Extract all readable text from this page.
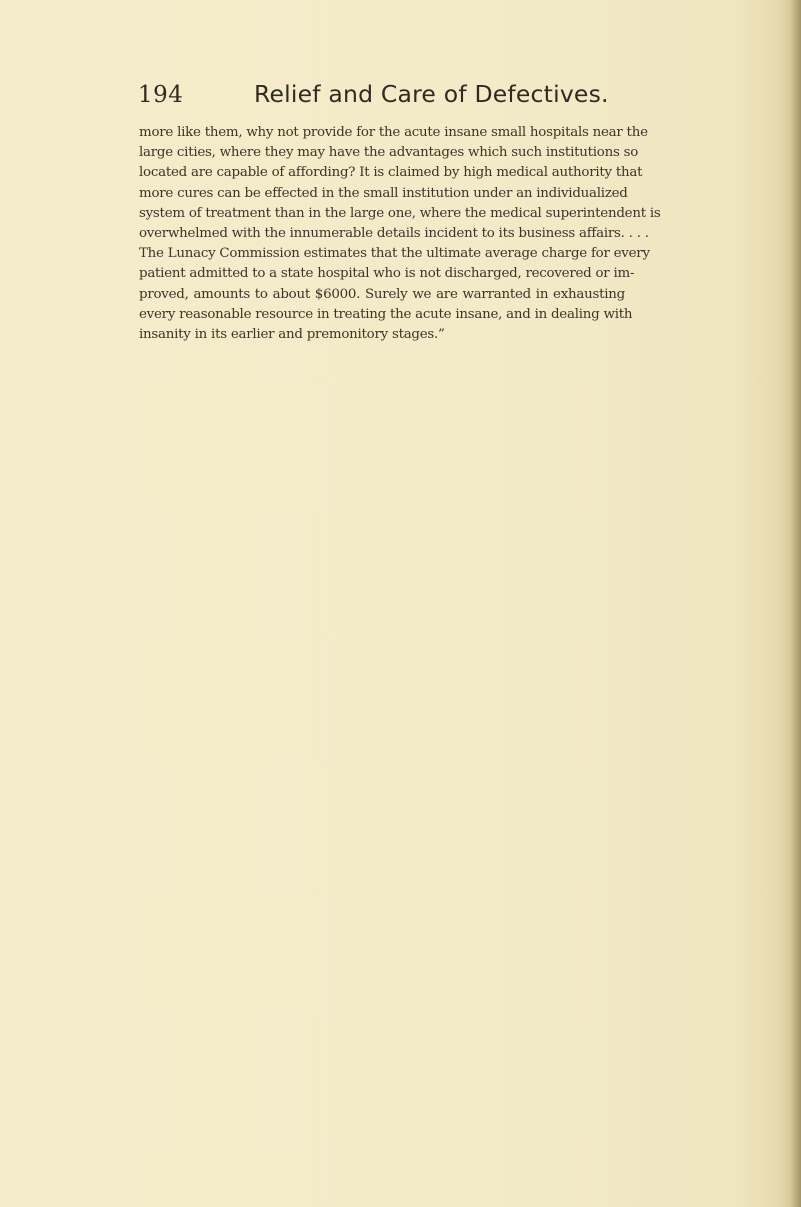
194	Relief and Care of Defectives.
more like them, why not provide for the acute insane small hospitals near the
large cities, where they may have the advantages which such institutions so
located are capable of affording? It is claimed by high medical authority that
more cures can be effected in the small institution under an individualized
system of treatment than in the large one, where the medical superintendent is
overwhelmed with the innumerable details incident to its business affairs. . . .
The Lunacy Commission estimates that the ultimate average charge for every
patient admitted to a state hospital who is not discharged, recovered or im-
proved, amounts to about $6000. Surely we are warranted in exhausting
every reasonable resource in treating the acute insane, and in dealing with
insanity in its earlier and premonitory stages.”
